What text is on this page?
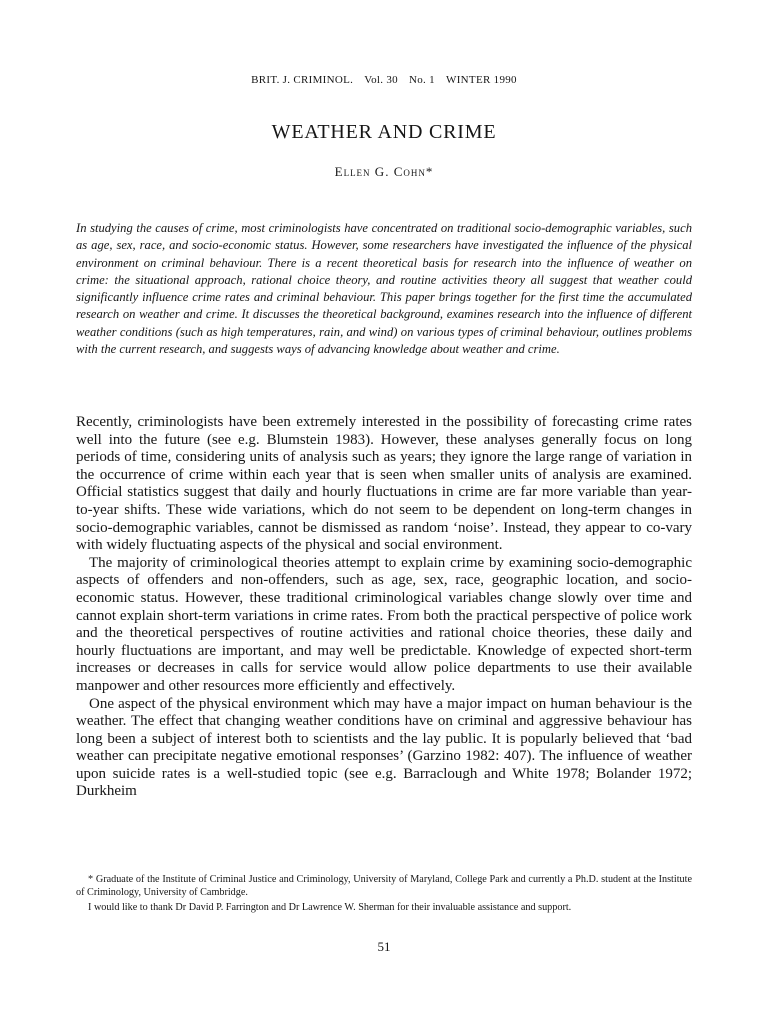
BRIT. J. CRIMINOL. Vol. 30 No. 1 WINTER 1990
WEATHER AND CRIME
Ellen G. Cohn*
In studying the causes of crime, most criminologists have concentrated on traditional socio-demographic variables, such as age, sex, race, and socio-economic status. However, some researchers have investigated the influence of the physical environment on criminal behaviour. There is a recent theoretical basis for research into the influence of weather on crime: the situational approach, rational choice theory, and routine activities theory all suggest that weather could significantly influence crime rates and criminal behaviour. This paper brings together for the first time the accumulated research on weather and crime. It discusses the theoretical background, examines research into the influence of different weather conditions (such as high temperatures, rain, and wind) on various types of criminal behaviour, outlines problems with the current research, and suggests ways of advancing knowledge about weather and crime.

Recently, criminologists have been extremely interested in the possibility of forecasting crime rates well into the future (see e.g. Blumstein 1983). However, these analyses generally focus on long periods of time, considering units of analysis such as years; they ignore the large range of variation in the occurrence of crime within each year that is seen when smaller units of analysis are examined. Official statistics suggest that daily and hourly fluctuations in crime are far more variable than year-to-year shifts. These wide variations, which do not seem to be dependent on long-term changes in socio-demographic variables, cannot be dismissed as random ‘noise’. Instead, they appear to co-vary with widely fluctuating aspects of the physical and social environment.

The majority of criminological theories attempt to explain crime by examining socio-demographic aspects of offenders and non-offenders, such as age, sex, race, geographic location, and socio-economic status. However, these traditional criminological variables change slowly over time and cannot explain short-term variations in crime rates. From both the practical perspective of police work and the theoretical perspectives of routine activities and rational choice theories, these daily and hourly fluctuations are important, and may well be predictable. Knowledge of expected short-term increases or decreases in calls for service would allow police departments to use their available manpower and other resources more efficiently and effectively.

One aspect of the physical environment which may have a major impact on human behaviour is the weather. The effect that changing weather conditions have on criminal and aggressive behaviour has long been a subject of interest both to scientists and the lay public. It is popularly believed that ‘bad weather can precipitate negative emotional responses’ (Garzino 1982: 407). The influence of weather upon suicide rates is a well-studied topic (see e.g. Barraclough and White 1978; Bolander 1972; Durkheim

* Graduate of the Institute of Criminal Justice and Criminology, University of Maryland, College Park and currently a Ph.D. student at the Institute of Criminology, University of Cambridge.

I would like to thank Dr David P. Farrington and Dr Lawrence W. Sherman for their invaluable assistance and support.

51
